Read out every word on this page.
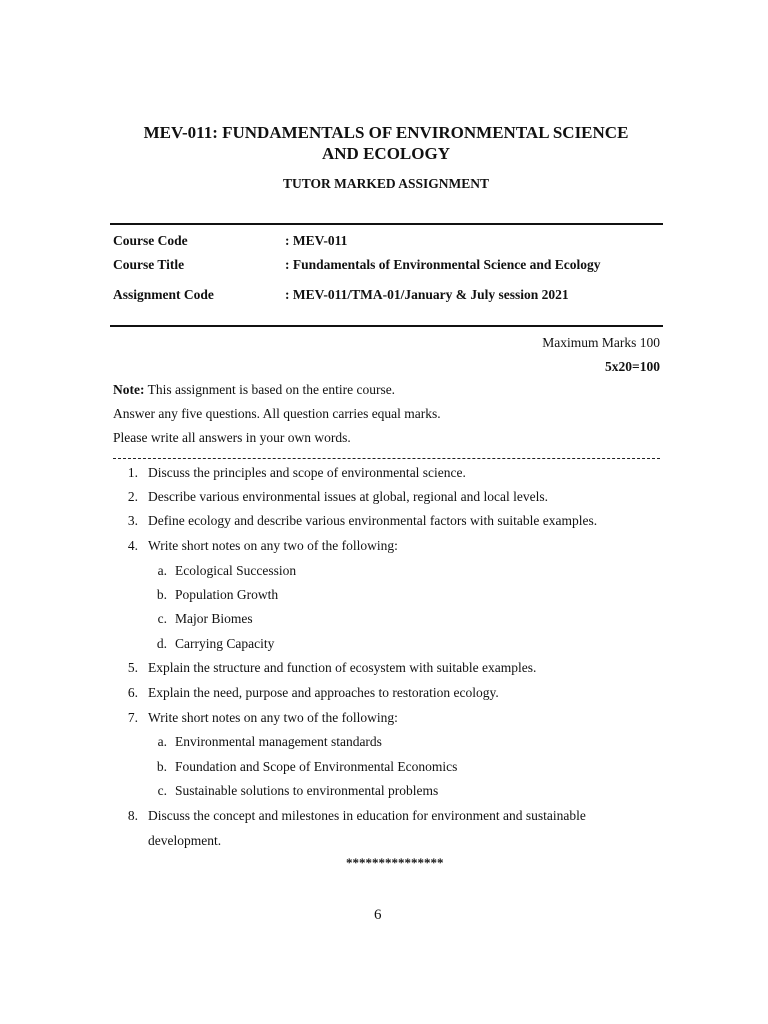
MEV-011: FUNDAMENTALS OF ENVIRONMENTAL SCIENCE
AND ECOLOGY
TUTOR MARKED ASSIGNMENT
Course Code	: MEV-011
Course Title	: Fundamentals of Environmental Science and Ecology
Assignment Code	: MEV-011/TMA-01/January & July session 2021
Maximum Marks 100
5x20=100
Note: This assignment is based on the entire course.
Answer any five questions. All question carries equal marks.
Please write all answers in your own words.
1. Discuss the principles and scope of environmental science.
2. Describe various environmental issues at global, regional and local levels.
3. Define ecology and describe various environmental factors with suitable examples.
4. Write short notes on any two of the following:
a. Ecological Succession
b. Population Growth
c. Major Biomes
d. Carrying Capacity
5. Explain the structure and function of ecosystem with suitable examples.
6. Explain the need, purpose and approaches to restoration ecology.
7. Write short notes on any two of the following:
a. Environmental management standards
b. Foundation and Scope of Environmental Economics
c. Sustainable solutions to environmental problems
8. Discuss the concept and milestones in education for environment and sustainable
development.
***************
6
